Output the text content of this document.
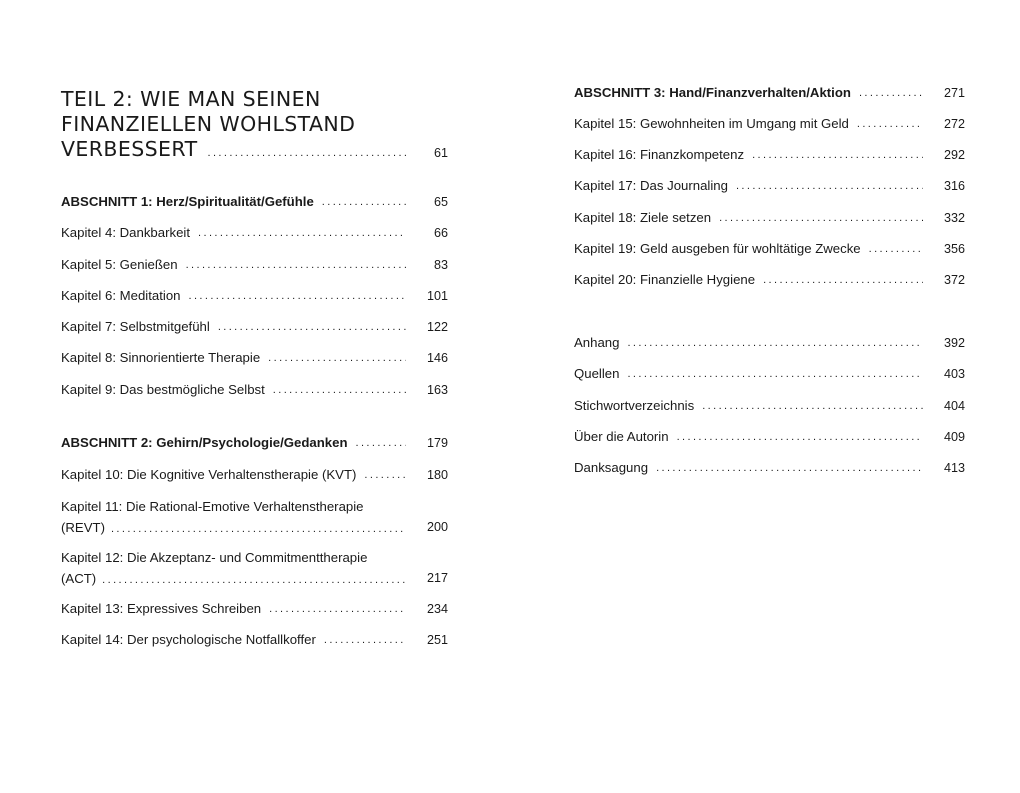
TEIL 2: WIE MAN SEINEN
FINANZIELLEN WOHLSTAND
VERBESSERT .....	61
ABSCHNITT 1: Herz/Spiritualität/Gefühle .....	65
Kapitel 4: Dankbarkeit .....	66
Kapitel 5: Genießen .....	83
Kapitel 6: Meditation .....	101
Kapitel 7: Selbstmitgefühl .....	122
Kapitel 8: Sinnorientierte Therapie .....	146
Kapitel 9: Das bestmögliche Selbst .....	163
ABSCHNITT 2: Gehirn/Psychologie/Gedanken .....	179
Kapitel 10: Die Kognitive Verhaltenstherapie (KVT) .....	180
Kapitel 11: Die Rational-Emotive Verhaltenstherapie
(REVT) .....	200
Kapitel 12: Die Akzeptanz- und Commitmenttherapie
(ACT) .....	217
Kapitel 13: Expressives Schreiben .....	234
Kapitel 14: Der psychologische Notfallkoffer .....	251
ABSCHNITT 3: Hand/Finanzverhalten/Aktion .....	271
Kapitel 15: Gewohnheiten im Umgang mit Geld .....	272
Kapitel 16: Finanzkompetenz .....	292
Kapitel 17: Das Journaling .....	316
Kapitel 18: Ziele setzen .....	332
Kapitel 19: Geld ausgeben für wohltätige Zwecke .....	356
Kapitel 20: Finanzielle Hygiene .....	372
Anhang .....	392
Quellen .....	403
Stichwortverzeichnis .....	404
Über die Autorin .....	409
Danksagung .....	413
